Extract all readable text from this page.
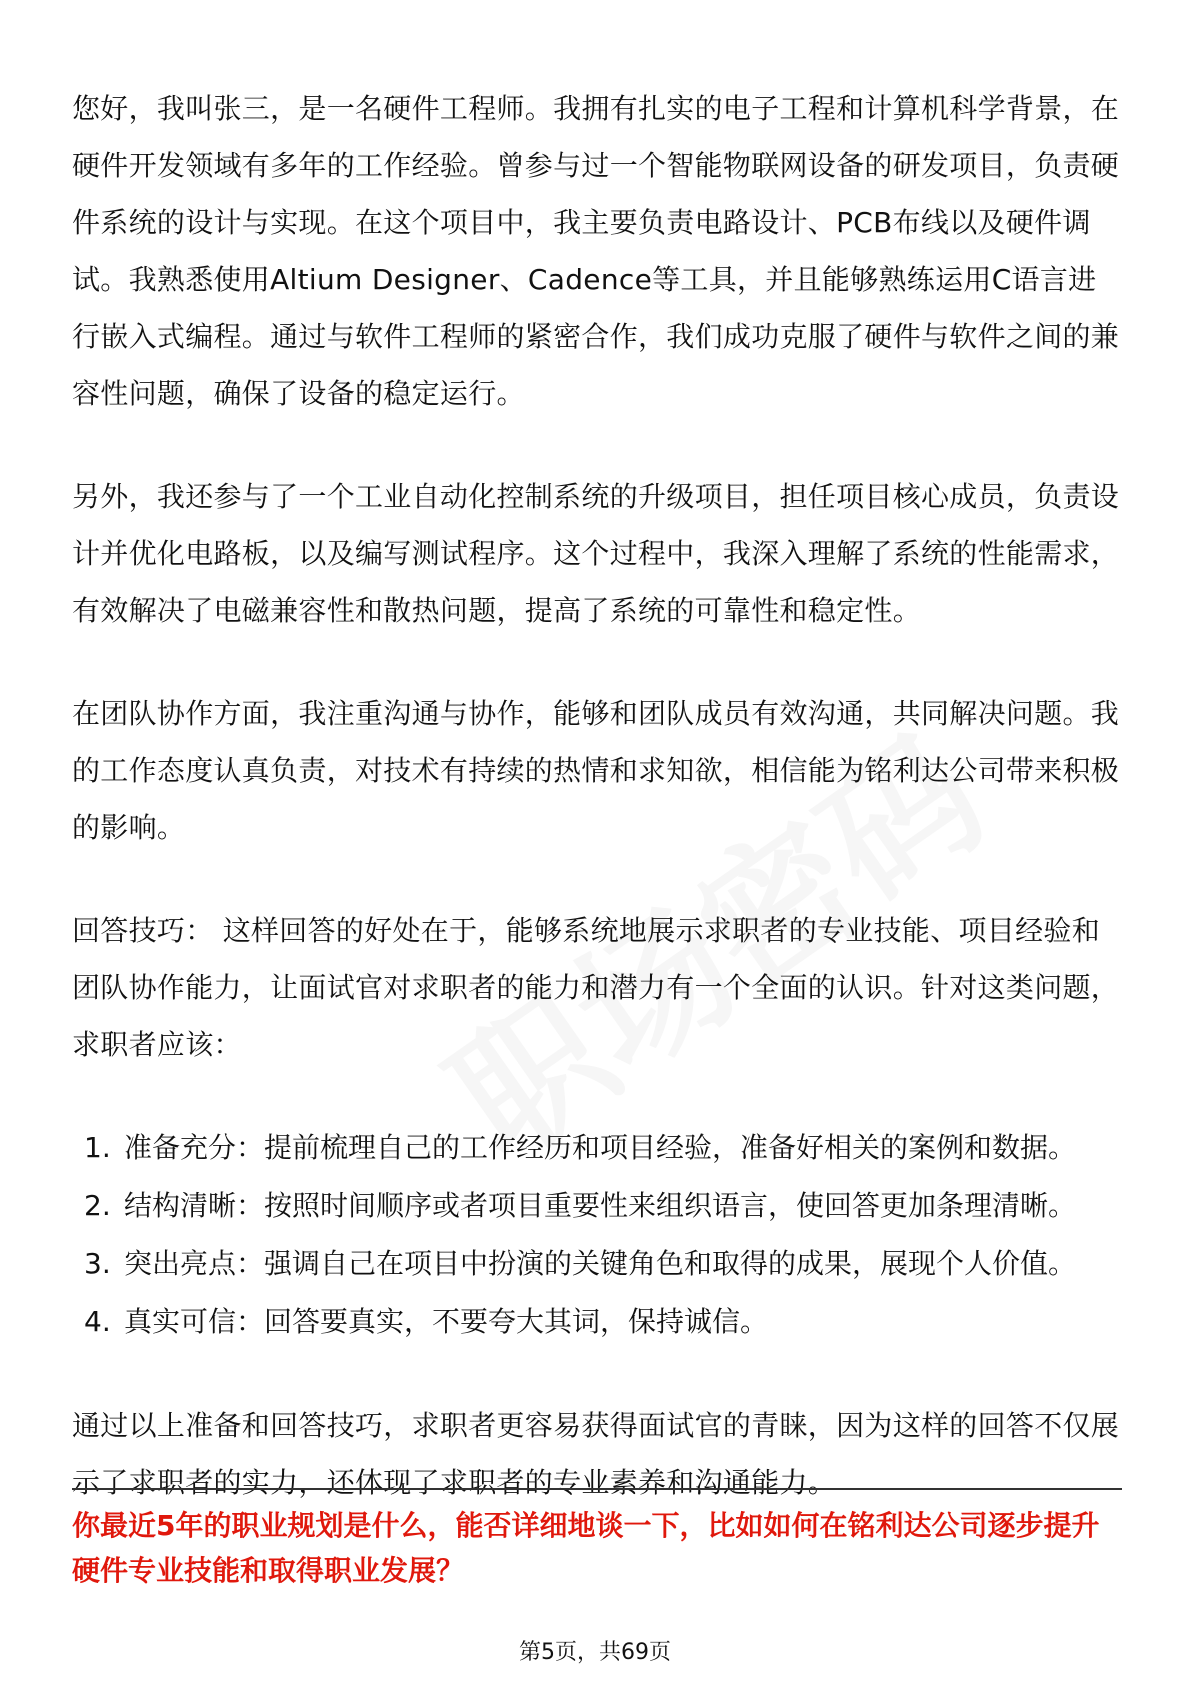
您好，我叫张三，是一名硬件工程师。我拥有扎实的电子工程和计算机科学背景，在硬件开发领域有多年的工作经验。曾参与过一个智能物联网设备的研发项目，负责硬件系统的设计与实现。在这个项目中，我主要负责电路设计、PCB布线以及硬件调试。我熟悉使用Altium Designer、Cadence等工具，并且能够熟练运用C语言进行嵌入式编程。通过与软件工程师的紧密合作，我们成功克服了硬件与软件之间的兼容性问题，确保了设备的稳定运行。

另外，我还参与了一个工业自动化控制系统的升级项目，担任项目核心成员，负责设计并优化电路板，以及编写测试程序。这个过程中，我深入理解了系统的性能需求，有效解决了电磁兼容性和散热问题，提高了系统的可靠性和稳定性。

在团队协作方面，我注重沟通与协作，能够和团队成员有效沟通，共同解决问题。我的工作态度认真负责，对技术有持续的热情和求知欲，相信能为铭利达公司带来积极的影响。

回答技巧： 这样回答的好处在于，能够系统地展示求职者的专业技能、项目经验和团队协作能力，让面试官对求职者的能力和潜力有一个全面的认识。针对这类问题，求职者应该：

1. 准备充分：提前梳理自己的工作经历和项目经验，准备好相关的案例和数据。
2. 结构清晰：按照时间顺序或者项目重要性来组织语言，使回答更加条理清晰。
3. 突出亮点：强调自己在项目中扮演的关键角色和取得的成果，展现个人价值。
4. 真实可信：回答要真实，不要夸大其词，保持诚信。

通过以上准备和回答技巧，求职者更容易获得面试官的青睐，因为这样的回答不仅展示了求职者的实力，还体现了求职者的专业素养和沟通能力。

你最近5年的职业规划是什么，能否详细地谈一下，比如如何在铭利达公司逐步提升硬件专业技能和取得职业发展？

第5页，共69页
